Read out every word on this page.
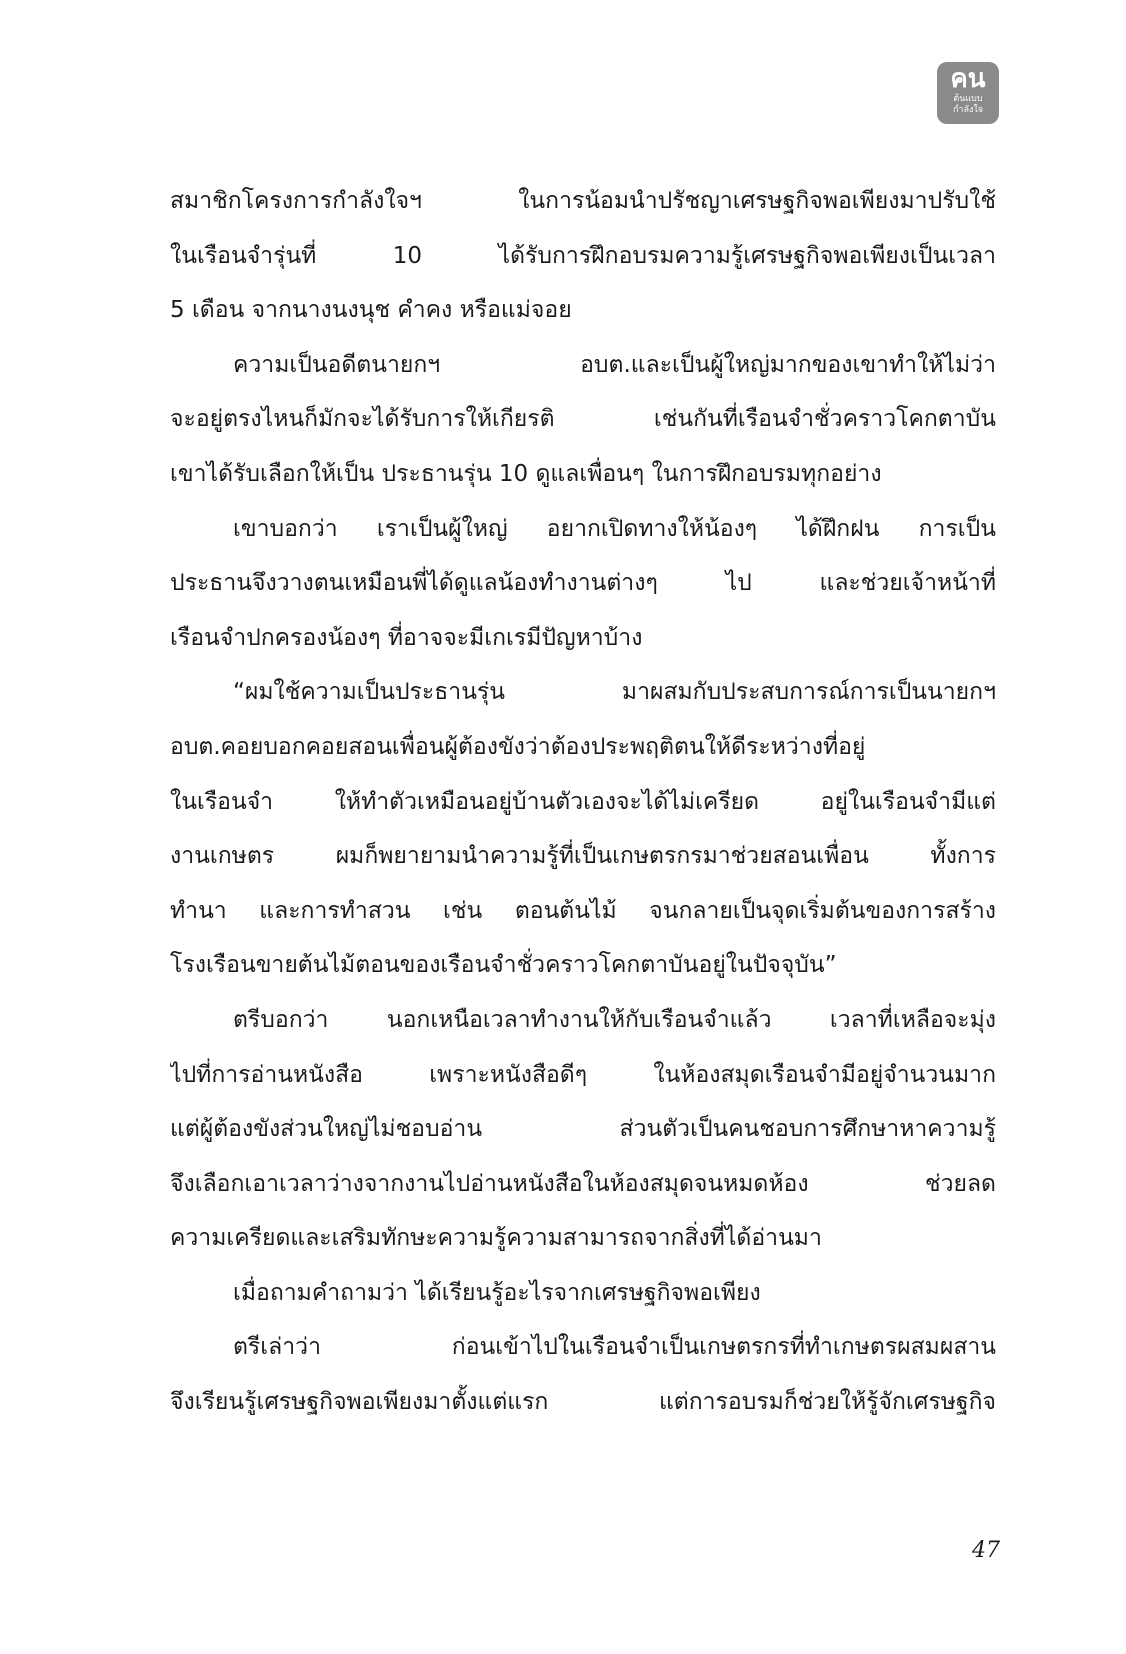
คน
ต้นแบบ
กำลังใจ
สมาชิกโครงการกำลังใจฯ ในการน้อมนำปรัชญาเศรษฐกิจพอเพียงมาปรับใช้
ในเรือนจำรุ่นที่ 10 ได้รับการฝึกอบรมความรู้เศรษฐกิจพอเพียงเป็นเวลา
5 เดือน จากนางนงนุช คำคง หรือแม่จอย
ความเป็นอดีตนายกฯ อบต.และเป็นผู้ใหญ่มากของเขาทำให้ไม่ว่า
จะอยู่ตรงไหนก็มักจะได้รับการให้เกียรติ เช่นกันที่เรือนจำชั่วคราวโคกตาบัน
เขาได้รับเลือกให้เป็น ประธานรุ่น 10 ดูแลเพื่อนๆ ในการฝึกอบรมทุกอย่าง
เขาบอกว่า เราเป็นผู้ใหญ่ อยากเปิดทางให้น้องๆ ได้ฝึกฝน การเป็น
ประธานจึงวางตนเหมือนพี่ได้ดูแลน้องทำงานต่างๆ ไป และช่วยเจ้าหน้าที่
เรือนจำปกครองน้องๆ ที่อาจจะมีเกเรมีปัญหาบ้าง
“ผมใช้ความเป็นประธานรุ่น มาผสมกับประสบการณ์การเป็นนายกฯ
อบต.คอยบอกคอยสอนเพื่อนผู้ต้องขังว่าต้องประพฤติตนให้ดีระหว่างที่อยู่
ในเรือนจำ ให้ทำตัวเหมือนอยู่บ้านตัวเองจะได้ไม่เครียด อยู่ในเรือนจำมีแต่
งานเกษตร ผมก็พยายามนำความรู้ที่เป็นเกษตรกรมาช่วยสอนเพื่อน ทั้งการ
ทำนา และการทำสวน เช่น ตอนต้นไม้ จนกลายเป็นจุดเริ่มต้นของการสร้าง
โรงเรือนขายต้นไม้ตอนของเรือนจำชั่วคราวโคกตาบันอยู่ในปัจจุบัน”
ตรีบอกว่า นอกเหนือเวลาทำงานให้กับเรือนจำแล้ว เวลาที่เหลือจะมุ่ง
ไปที่การอ่านหนังสือ เพราะหนังสือดีๆ ในห้องสมุดเรือนจำมีอยู่จำนวนมาก
แต่ผู้ต้องขังส่วนใหญ่ไม่ชอบอ่าน ส่วนตัวเป็นคนชอบการศึกษาหาความรู้
จึงเลือกเอาเวลาว่างจากงานไปอ่านหนังสือในห้องสมุดจนหมดห้อง ช่วยลด
ความเครียดและเสริมทักษะความรู้ความสามารถจากสิ่งที่ได้อ่านมา
เมื่อถามคำถามว่า ได้เรียนรู้อะไรจากเศรษฐกิจพอเพียง
ตรีเล่าว่า ก่อนเข้าไปในเรือนจำเป็นเกษตรกรที่ทำเกษตรผสมผสาน
จึงเรียนรู้เศรษฐกิจพอเพียงมาตั้งแต่แรก แต่การอบรมก็ช่วยให้รู้จักเศรษฐกิจ
47
